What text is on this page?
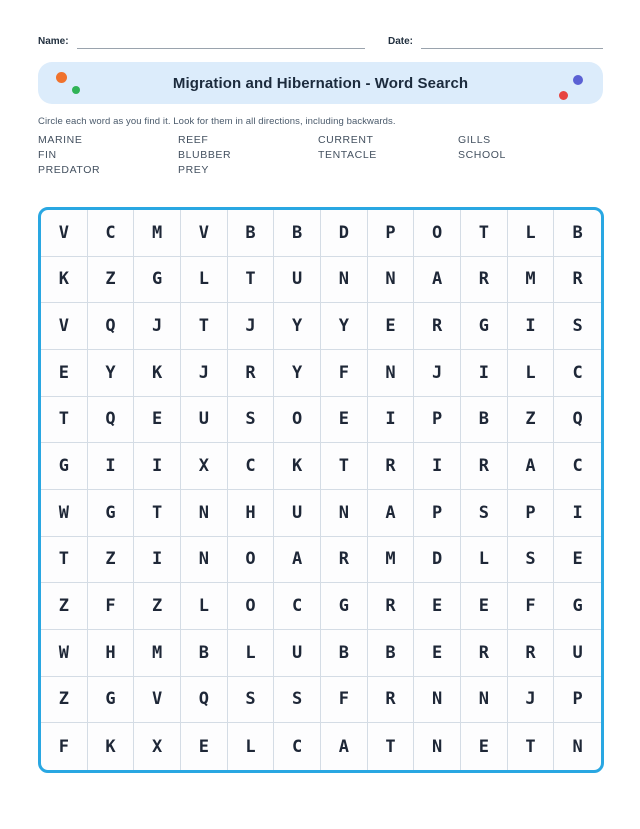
Name:	Date:
Migration and Hibernation - Word Search

Circle each word as you find it. Look for them in all directions, including backwards.

MARINE
FIN
PREDATOR
REEF
BLUBBER
PREY
CURRENT
TENTACLE
GILLS
SCHOOL
V	C	M	V	B	B	D	P	O	T	L	B
K	Z	G	L	T	U	N	N	A	R	M	R
V	Q	J	T	J	Y	Y	E	R	G	I	S
E	Y	K	J	R	Y	F	N	J	I	L	C
T	Q	E	U	S	O	E	I	P	B	Z	Q
G	I	I	X	C	K	T	R	I	R	A	C
W	G	T	N	H	U	N	A	P	S	P	I
T	Z	I	N	O	A	R	M	D	L	S	E
Z	F	Z	L	O	C	G	R	E	E	F	G
W	H	M	B	L	U	B	B	E	R	R	U
Z	G	V	Q	S	S	F	R	N	N	J	P
F	K	X	E	L	C	A	T	N	E	T	N
